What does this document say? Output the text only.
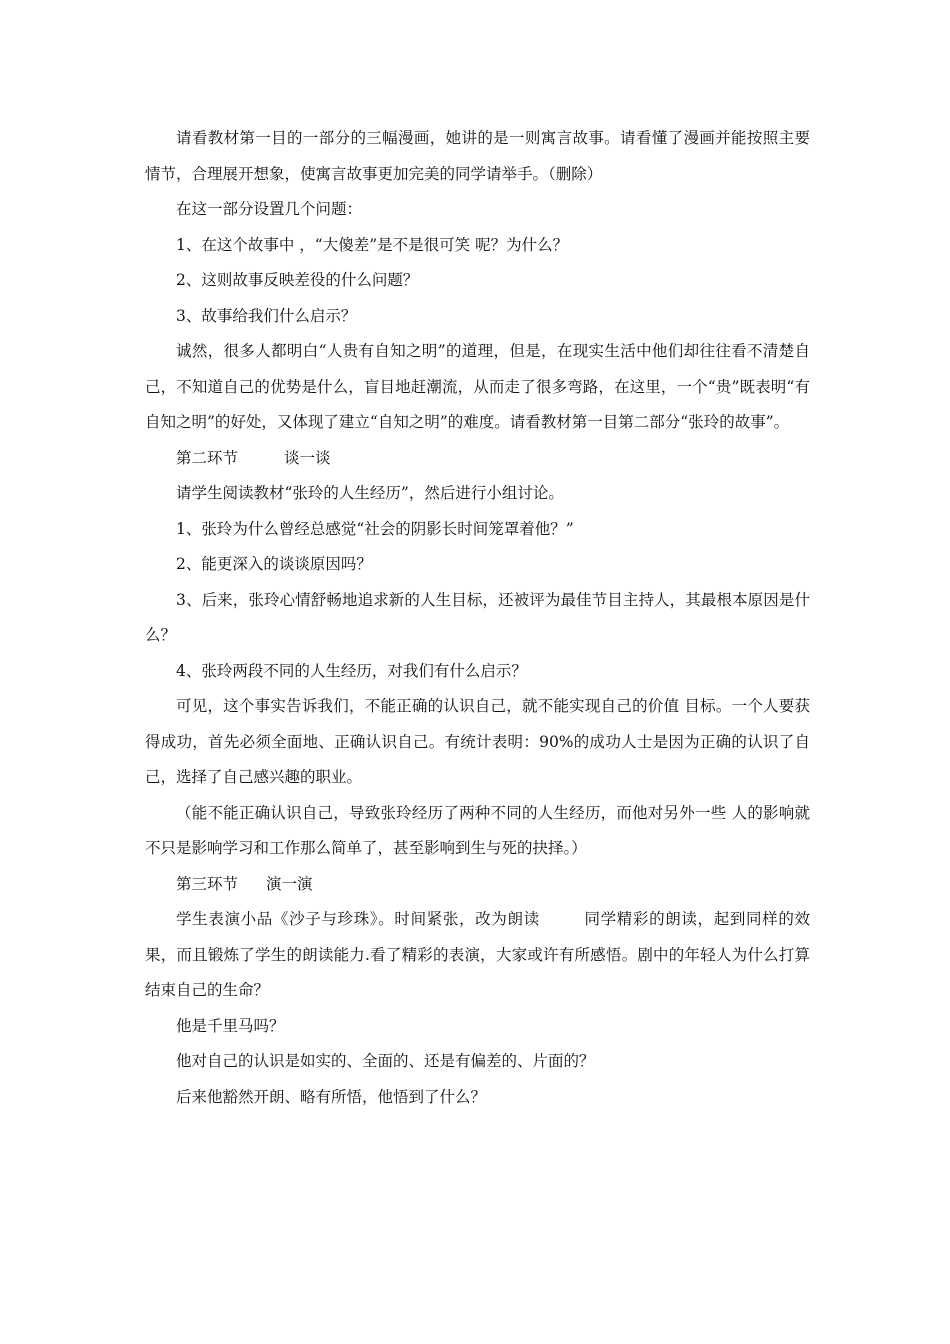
请看教材第一目的一部分的三幅漫画，她讲的是一则寓言故事。请看懂了漫画并能按照主要情节，合理展开想象，使寓言故事更加完美的同学请举手。（删除）

在这一部分设置几个问题：

1、在这个故事中 ，“大傻差”是不是很可笑 呢？为什么？

2、这则故事反映差役的什么问题？

3、故事给我们什么启示？

诚然，很多人都明白“人贵有自知之明”的道理，但是，在现实生活中他们却往往看不清楚自己，不知道自己的优势是什么，盲目地赶潮流，从而走了很多弯路，在这里，一个“贵”既表明“有自知之明”的好处，又体现了建立“自知之明”的难度。请看教材第一目第二部分“张玲的故事”。

第二环节	谈一谈

请学生阅读教材“张玲的人生经历”，然后进行小组讨论。

1、张玲为什么曾经总感觉“社会的阴影长时间笼罩着他？”

2、能更深入的谈谈原因吗？

3、后来，张玲心情舒畅地追求新的人生目标，还被评为最佳节目主持人，其最根本原因是什么？

4、张玲两段不同的人生经历，对我们有什么启示？

可见，这个事实告诉我们，不能正确的认识自己，就不能实现自己的价值 目标。一个人要获得成功，首先必须全面地、正确认识自己。有统计表明：90%的成功人士是因为正确的认识了自己，选择了自己感兴趣的职业。

（能不能正确认识自己，导致张玲经历了两种不同的人生经历，而他对另外一些 人的影响就不只是影响学习和工作那么简单了，甚至影响到生与死的抉择。）

第三环节 演一演

学生表演小品《沙子与珍珠》。时间紧张，改为朗读	同学精彩的朗读，起到同样的效果，而且锻炼了学生的朗读能力.看了精彩的表演，大家或许有所感悟。剧中的年轻人为什么打算结束自己的生命？

他是千里马吗？

他对自己的认识是如实的、全面的、还是有偏差的、片面的？

后来他豁然开朗、略有所悟，他悟到了什么？
